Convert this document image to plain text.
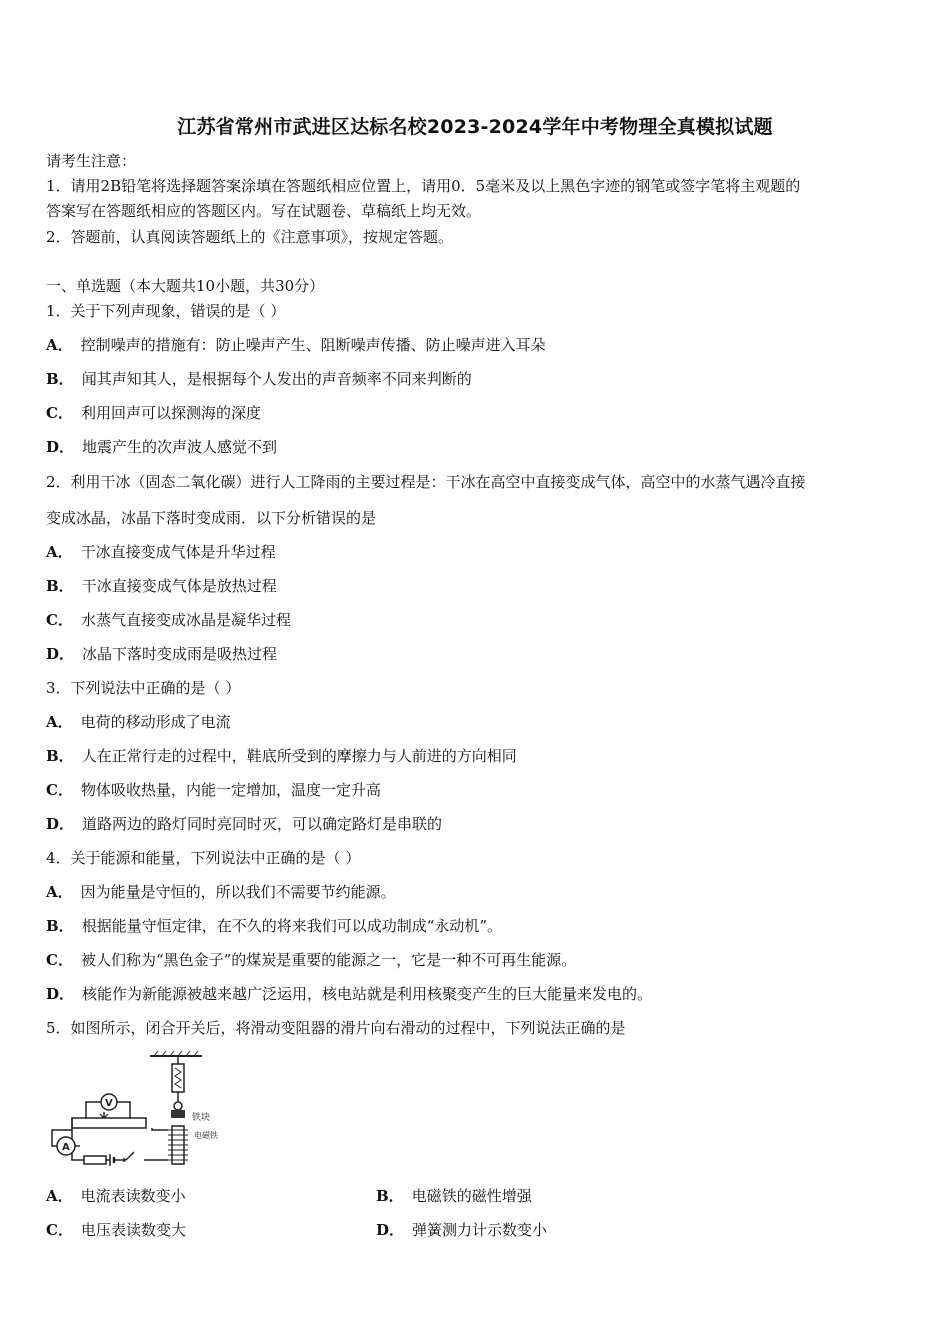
江苏省常州市武进区达标名校2023-2024学年中考物理全真模拟试题
请考生注意：
1．请用2B铅笔将选择题答案涂填在答题纸相应位置上，请用0．5毫米及以上黑色字迹的钢笔或签字笔将主观题的
答案写在答题纸相应的答题区内。写在试题卷、草稿纸上均无效。
2．答题前，认真阅读答题纸上的《注意事项》，按规定答题。
一、单选题（本大题共10小题，共30分）
1．关于下列声现象，错误的是（ ）
A． 控制噪声的措施有：防止噪声产生、阻断噪声传播、防止噪声进入耳朵
B． 闻其声知其人，是根据每个人发出的声音频率不同来判断的
C． 利用回声可以探测海的深度
D． 地震产生的次声波人感觉不到
2．利用干冰（固态二氧化碳）进行人工降雨的主要过程是：干冰在高空中直接变成气体，高空中的水蒸气遇冷直接
变成冰晶，冰晶下落时变成雨．以下分析错误的是
A． 干冰直接变成气体是升华过程
B． 干冰直接变成气体是放热过程
C． 水蒸气直接变成冰晶是凝华过程
D． 冰晶下落时变成雨是吸热过程
3．下列说法中正确的是（ ）
A． 电荷的移动形成了电流
B． 人在正常行走的过程中，鞋底所受到的摩擦力与人前进的方向相同
C． 物体吸收热量，内能一定增加，温度一定升高
D． 道路两边的路灯同时亮同时灭，可以确定路灯是串联的
4．关于能源和能量，下列说法中正确的是（ ）
A． 因为能量是守恒的，所以我们不需要节约能源。
B． 根据能量守恒定律，在不久的将来我们可以成功制成“永动机”。
C． 被人们称为“黑色金子”的煤炭是重要的能源之一，它是一种不可再生能源。
D． 核能作为新能源被越来越广泛运用，核电站就是利用核聚变产生的巨大能量来发电的。
5．如图所示，闭合开关后，将滑动变阻器的滑片向右滑动的过程中，下列说法正确的是
铁块
电磁铁
V
A
A． 电流表读数变小	B． 电磁铁的磁性增强
C． 电压表读数变大	D． 弹簧测力计示数变小
